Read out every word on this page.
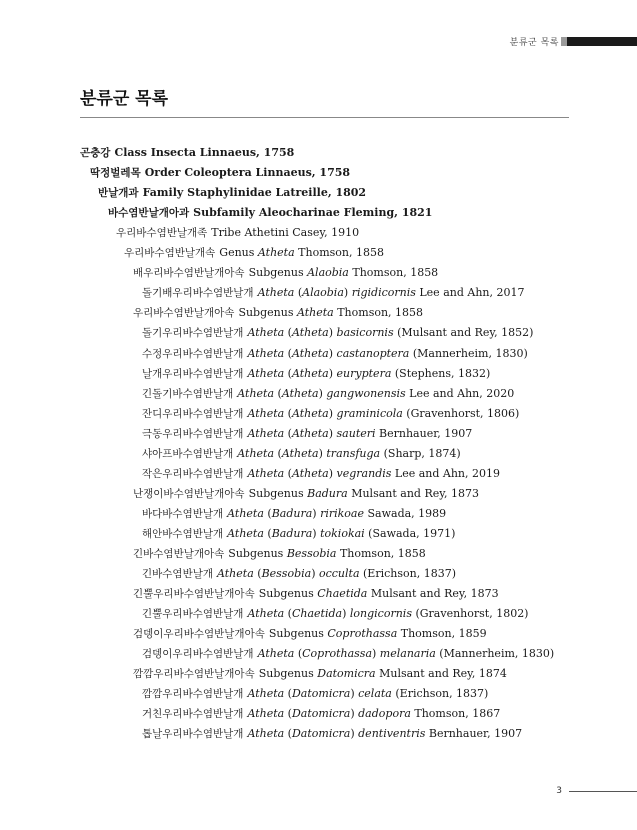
분류군 목록
분류군 목록
곤충강 Class Insecta Linnaeus, 1758
딱정벌레목 Order Coleoptera Linnaeus, 1758
반날개과 Family Staphylinidae Latreille, 1802
바수염반날개아과 Subfamily Aleocharinae Fleming, 1821
우리바수염반날개족 Tribe Athetini Casey, 1910
우리바수염반날개속 Genus Atheta Thomson, 1858
배우리바수염반날개아속 Subgenus Alaobia Thomson, 1858
돌기배우리바수염반날개 Atheta (Alaobia) rigidicornis Lee and Ahn, 2017
우리바수염반날개아속 Subgenus Atheta Thomson, 1858
돌기우리바수염반날개 Atheta (Atheta) basicornis (Mulsant and Rey, 1852)
수정우리바수염반날개 Atheta (Atheta) castanoptera (Mannerheim, 1830)
날개우리바수염반날개 Atheta (Atheta) euryptera (Stephens, 1832)
긴돌기바수염반날개 Atheta (Atheta) gangwonensis Lee and Ahn, 2020
잔디우리바수염반날개 Atheta (Atheta) graminicola (Gravenhorst, 1806)
극동우리바수염반날개 Atheta (Atheta) sauteri Bernhauer, 1907
샤아프바수염반날개 Atheta (Atheta) transfuga (Sharp, 1874)
작은우리바수염반날개 Atheta (Atheta) vegrandis Lee and Ahn, 2019
난쟁이바수염반날개아속 Subgenus Badura Mulsant and Rey, 1873
바다바수염반날개 Atheta (Badura) ririkoae Sawada, 1989
해안바수염반날개 Atheta (Badura) tokiokai (Sawada, 1971)
긴바수염반날개아속 Subgenus Bessobia Thomson, 1858
긴바수염반날개 Atheta (Bessobia) occulta (Erichson, 1837)
긴뿔우리바수염반날개아속 Subgenus Chaetida Mulsant and Rey, 1873
긴뿔우리바수염반날개 Atheta (Chaetida) longicornis (Gravenhorst, 1802)
검뎅이우리바수염반날개아속 Subgenus Coprothassa Thomson, 1859
검뎅이우리바수염반날개 Atheta (Coprothassa) melanaria (Mannerheim, 1830)
깜깜우리바수염반날개아속 Subgenus Datomicra Mulsant and Rey, 1874
깜깜우리바수염반날개 Atheta (Datomicra) celata (Erichson, 1837)
거친우리바수염반날개 Atheta (Datomicra) dadopora Thomson, 1867
톱날우리바수염반날개 Atheta (Datomicra) dentiventris Bernhauer, 1907
3
